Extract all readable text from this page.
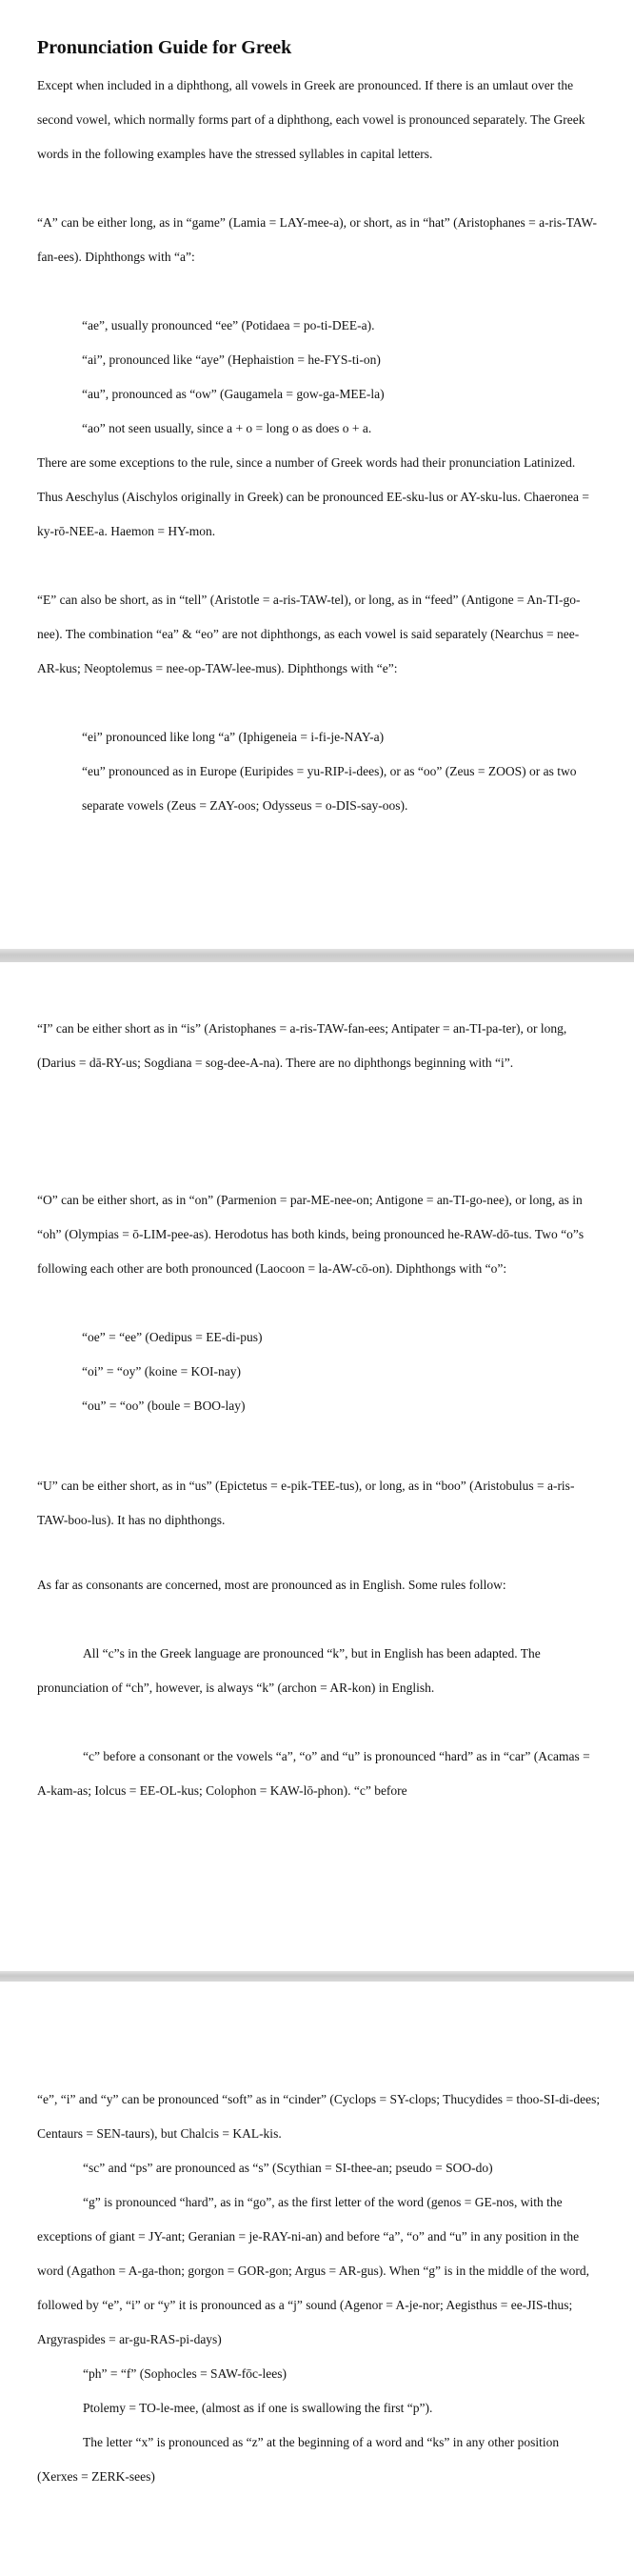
Pronunciation Guide for Greek

Except when included in a diphthong, all vowels in Greek are pronounced. If there is an umlaut over the second vowel, which normally forms part of a diphthong, each vowel is pronounced separately. The Greek words in the following examples have the stressed syllables in capital letters.

“A” can be either long, as in “game” (Lamia = LAY-mee-a), or short, as in “hat” (Aristophanes = a-ris-TAW-fan-ees). Diphthongs with “a”:

“ae”, usually pronounced “ee” (Potidaea = po-ti-DEE-a).

“ai”, pronounced like “aye” (Hephaistion = he-FYS-ti-on)

“au”, pronounced as “ow” (Gaugamela = gow-ga-MEE-la)

“ao” not seen usually, since a + o = long o as does o + a.

There are some exceptions to the rule, since a number of Greek words had their pronunciation Latinized. Thus Aeschylus (Aischylos originally in Greek) can be pronounced EE-sku-lus or AY-sku-lus. Chaeronea = ky-rō-NEE-a. Haemon = HY-mon.

“E” can also be short, as in “tell” (Aristotle = a-ris-TAW-tel), or long, as in “feed” (Antigone = An-TI-go-nee). The combination “ea” & “eo” are not diphthongs, as each vowel is said separately (Nearchus = nee-AR-kus; Neoptolemus = nee-op-TAW-lee-mus). Diphthongs with “e”:

“ei” pronounced like long “a” (Iphigeneia = i-fi-je-NAY-a)

“eu” pronounced as in Europe (Euripides = yu-RIP-i-dees), or as “oo” (Zeus = ZOOS) or as two separate vowels (Zeus = ZAY-oos; Odysseus = o-DIS-say-oos).

“I” can be either short as in “is” (Aristophanes = a-ris-TAW-fan-ees; Antipater = an-TI-pa-ter), or long, (Darius = dā-RY-us; Sogdiana = sog-dee-A-na). There are no diphthongs beginning with “i”.

“O” can be either short, as in “on” (Parmenion = par-ME-nee-on; Antigone = an-TI-go-nee), or long, as in “oh” (Olympias = ō-LIM-pee-as). Herodotus has both kinds, being pronounced he-RAW-dō-tus. Two “o”s following each other are both pronounced (Laocoon = la-AW-cō-on). Diphthongs with “o”:

“oe” = “ee” (Oedipus = EE-di-pus)

“oi” = “oy” (koine = KOI-nay)

“ou” = “oo” (boule = BOO-lay)

“U” can be either short, as in “us” (Epictetus = e-pik-TEE-tus), or long, as in “boo” (Aristobulus = a-ris-TAW-boo-lus). It has no diphthongs.

As far as consonants are concerned, most are pronounced as in English. Some rules follow:

All “c”s in the Greek language are pronounced “k”, but in English has been adapted. The pronunciation of “ch”, however, is always “k” (archon = AR-kon) in English.

“c” before a consonant or the vowels “a”, “o” and “u” is pronounced “hard” as in “car” (Acamas = A-kam-as; Iolcus = EE-OL-kus; Colophon = KAW-lō-phon). “c” before

“e”, “i” and “y” can be pronounced “soft” as in “cinder” (Cyclops = SY-clops; Thucydides = thoo-SI-di-dees; Centaurs = SEN-taurs), but Chalcis = KAL-kis.

“sc” and “ps” are pronounced as “s” (Scythian = SI-thee-an; pseudo = SOO-do)

“g” is pronounced “hard”, as in “go”, as the first letter of the word (genos = GE-nos, with the exceptions of giant = JY-ant; Geranian = je-RAY-ni-an) and before “a”, “o” and “u” in any position in the word (Agathon = A-ga-thon; gorgon = GOR-gon; Argus = AR-gus). When “g” is in the middle of the word, followed by “e”, “i” or “y” it is pronounced as a “j” sound (Agenor = A-je-nor; Aegisthus = ee-JIS-thus; Argyraspides = ar-gu-RAS-pi-days)

“ph” = “f” (Sophocles = SAW-fōc-lees)

Ptolemy = TO-le-mee, (almost as if one is swallowing the first “p”).

The letter “x” is pronounced as “z” at the beginning of a word and “ks” in any other position (Xerxes = ZERK-sees)
